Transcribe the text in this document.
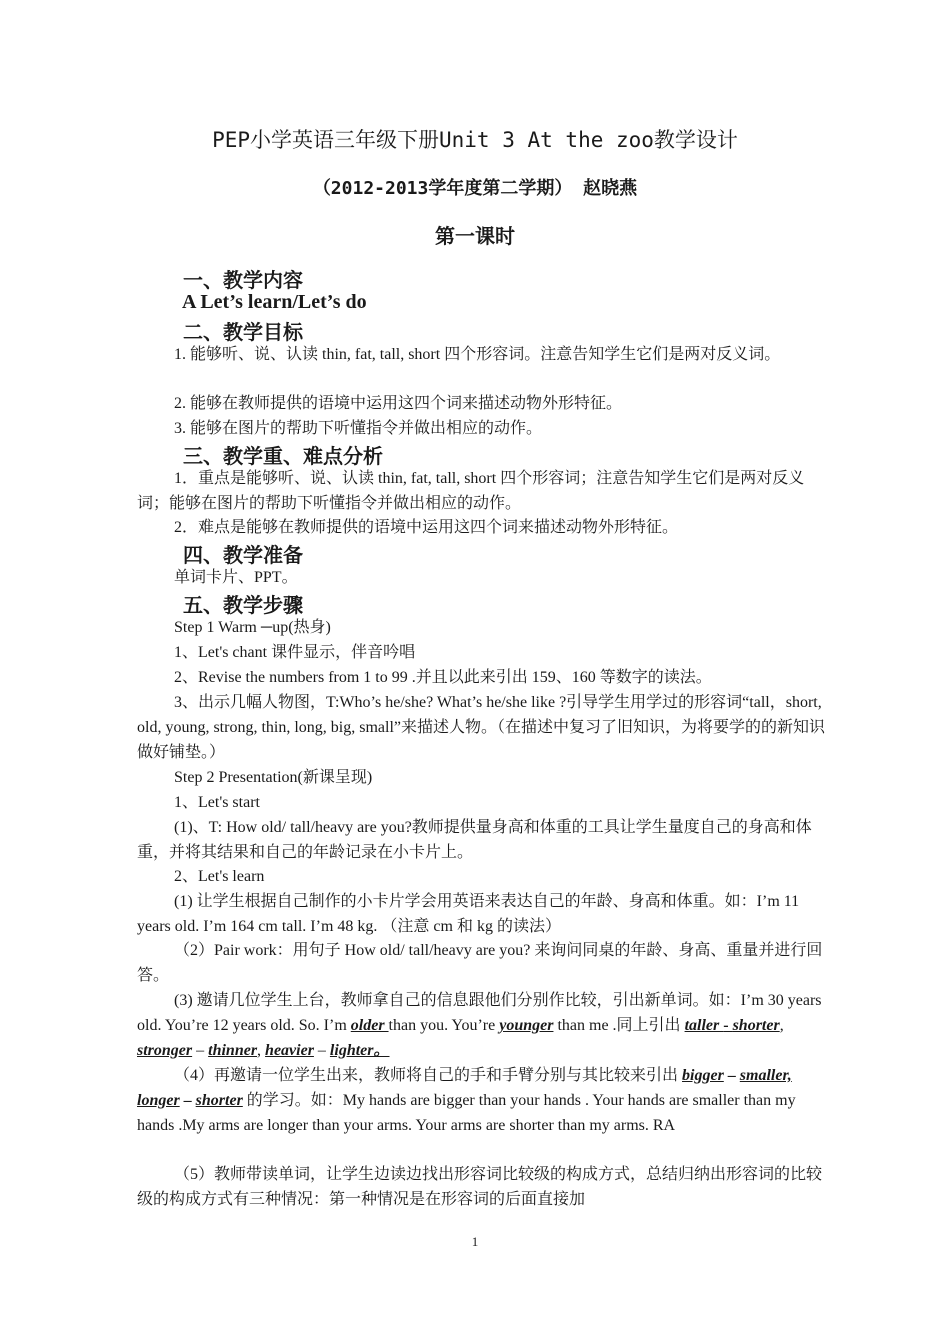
PEP小学英语三年级下册Unit 3 At the zoo教学设计
（2012-2013学年度第二学期） 赵晓燕
第一课时
一、教学内容
A Let’s learn/Let’s do
二、教学目标
1. 能够听、说、认读 thin, fat, tall, short 四个形容词。注意告知学生它们是两对反义词。
2. 能够在教师提供的语境中运用这四个词来描述动物外形特征。
3. 能够在图片的帮助下听懂指令并做出相应的动作。
三、教学重、难点分析
1．重点是能够听、说、认读 thin, fat, tall, short 四个形容词；注意告知学生它们是两对反义词；能够在图片的帮助下听懂指令并做出相应的动作。
2．难点是能够在教师提供的语境中运用这四个词来描述动物外形特征。
四、教学准备
单词卡片、PPT。
五、教学步骤
Step 1 Warm ─up(热身)
1、Let's chant 课件显示，伴音吟唱
2、Revise the numbers from 1 to 99 .并且以此来引出 159、160 等数字的读法。
3、出示几幅人物图，T:Who’s he/she? What’s he/she like ?引导学生用学过的形容词“tall，short, old, young, strong, thin, long, big, small”来描述人物。（在描述中复习了旧知识，为将要学的的新知识做好铺垫。）
Step 2 Presentation(新课呈现)
1、Let's start
(1)、T: How old/ tall/heavy are you?教师提供量身高和体重的工具让学生量度自己的身高和体重，并将其结果和自己的年龄记录在小卡片上。
2、Let's learn
(1) 让学生根据自己制作的小卡片学会用英语来表达自己的年龄、身高和体重。如：I’m 11 years old. I’m 164 cm tall. I’m 48 kg. （注意 cm 和 kg 的读法）
（2）Pair work：用句子 How old/ tall/heavy are you? 来询问同桌的年龄、身高、重量并进行回答。
(3) 邀请几位学生上台，教师拿自己的信息跟他们分别作比较，引出新单词。如：I’m 30 years old. You’re 12 years old. So. I’m older than you. You’re younger than me .同上引出 taller - shorter, stronger – thinner, heavier – lighter。
（4）再邀请一位学生出来，教师将自己的手和手臂分别与其比较来引出 bigger – smaller, longer – shorter 的学习。如：My hands are bigger than your hands . Your hands are smaller than my hands .My arms are longer than your arms. Your arms are shorter than my arms. RA
（5）教师带读单词，让学生边读边找出形容词比较级的构成方式，总结归纳出形容词的比较级的构成方式有三种情况：第一种情况是在形容词的后面直接加
1
